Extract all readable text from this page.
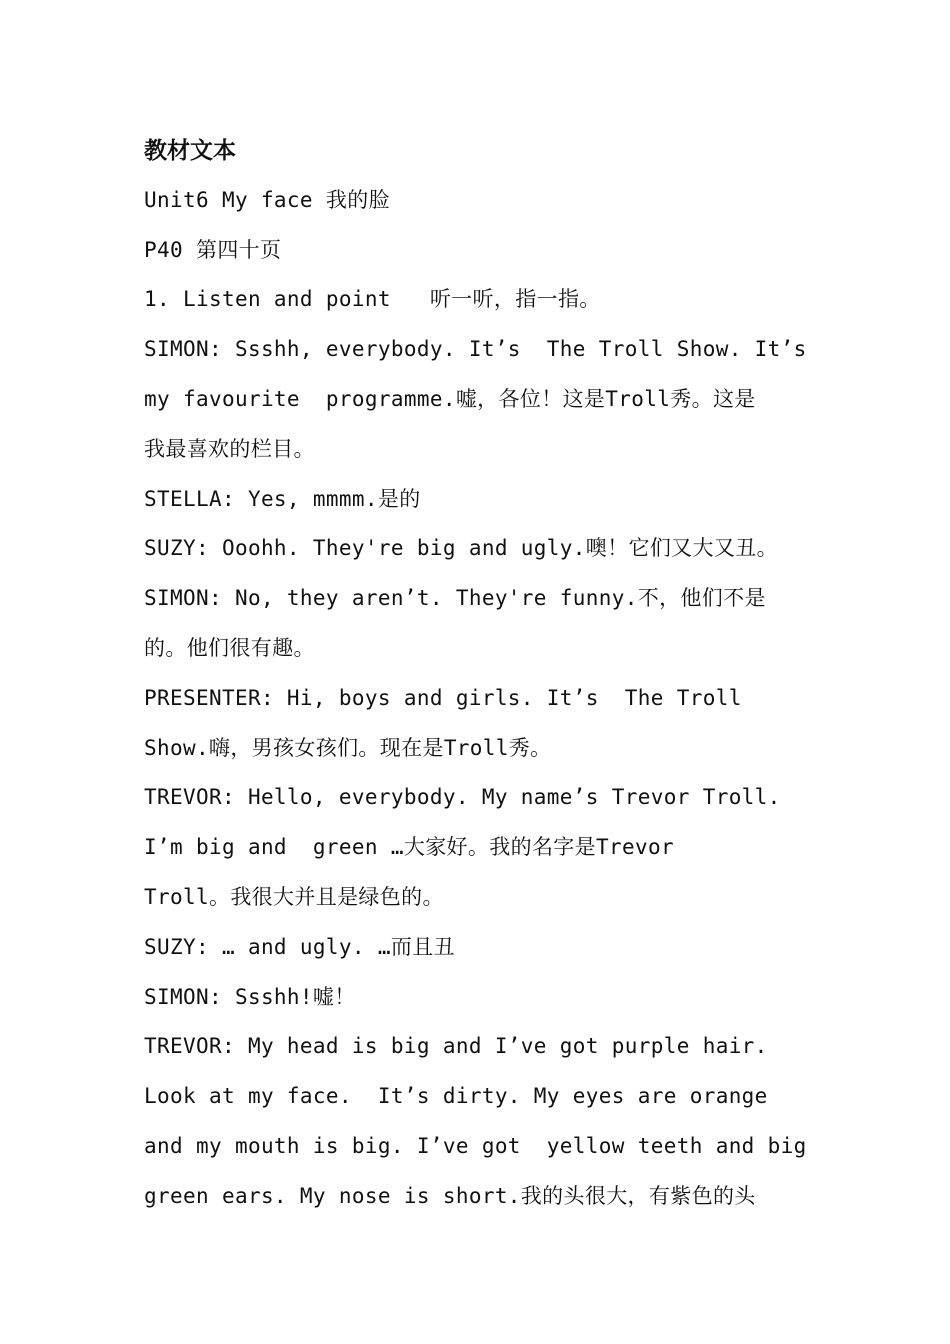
教材文本
Unit6 My face 我的脸
P40 第四十页
1. Listen and point   听一听，指一指。
SIMON: Ssshh, everybody. It’s  The Troll Show. It’s
my favourite  programme.嘘，各位！这是Troll秀。这是
我最喜欢的栏目。
STELLA: Yes, mmmm.是的
SUZY: Ooohh. They're big and ugly.噢！它们又大又丑。
SIMON: No, they aren’t. They're funny.不，他们不是
的。他们很有趣。
PRESENTER: Hi, boys and girls. It’s  The Troll
Show.嗨，男孩女孩们。现在是Troll秀。
TREVOR: Hello, everybody. My name’s Trevor Troll.
I’m big and  green …大家好。我的名字是Trevor
Troll。我很大并且是绿色的。
SUZY: … and ugly. …而且丑
SIMON: Ssshh!嘘！
TREVOR: My head is big and I’ve got purple hair.
Look at my face.  It’s dirty. My eyes are orange
and my mouth is big. I’ve got  yellow teeth and big
green ears. My nose is short.我的头很大，有紫色的头
